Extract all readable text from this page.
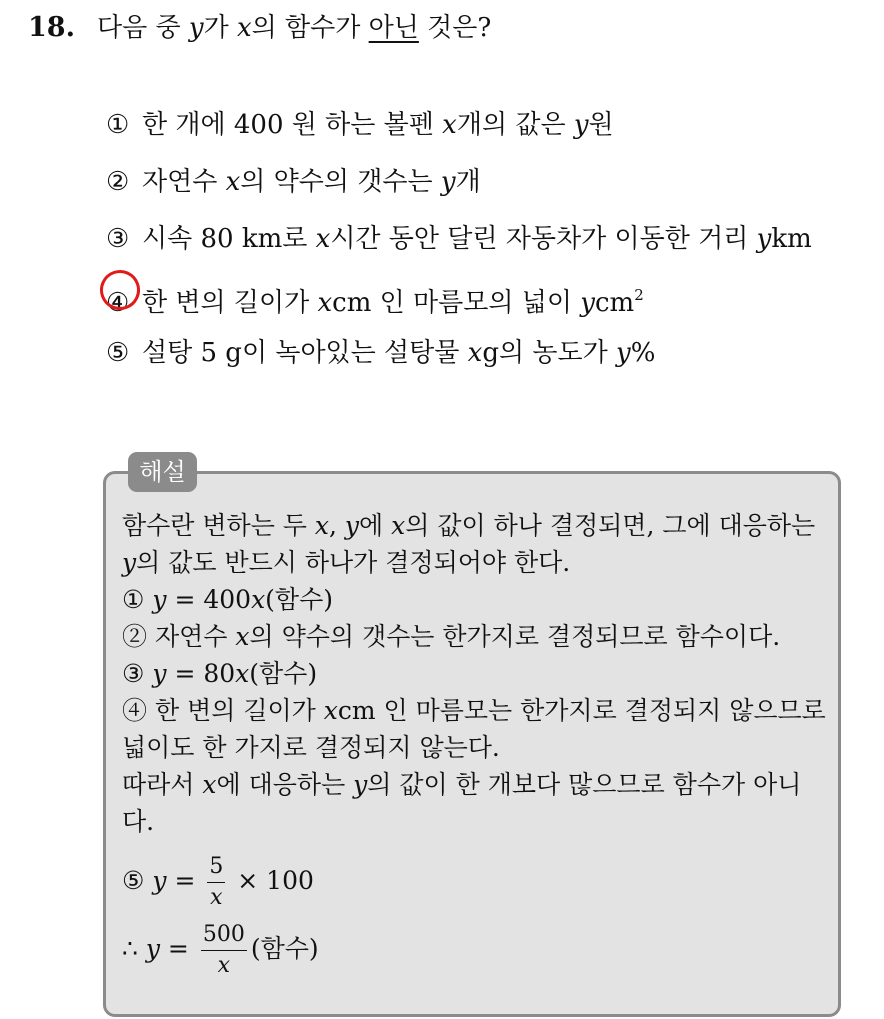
18. 다음 중 y가 x의 함수가 아닌 것은?
① 한 개에 400 원 하는 볼펜 x개의 값은 y원
② 자연수 x의 약수의 갯수는 y개
③ 시속 80 km로 x시간 동안 달린 자동차가 이동한 거리 ykm
④ 한 변의 길이가 xcm 인 마름모의 넓이 ycm$^2$
⑤ 설탕 5 g이 녹아있는 설탕물 xg의 농도가 y%
해설
함수란 변하는 두 x, y에 x의 값이 하나 결정되면, 그에 대응하는
y의 값도 반드시 하나가 결정되어야 한다.
① y = 400x(함수)
② 자연수 x의 약수의 갯수는 한가지로 결정되므로 함수이다.
③ y = 80x(함수)
④ 한 변의 길이가 xcm 인 마름모는 한가지로 결정되지 않으므로
넓이도 한 가지로 결정되지 않는다.
따라서 x에 대응하는 y의 값이 한 개보다 많으므로 함수가 아니
다.
⑤ $y = \frac{5}{x} \times 100$
∴ $y = \frac{500}{x}$ (함수)
